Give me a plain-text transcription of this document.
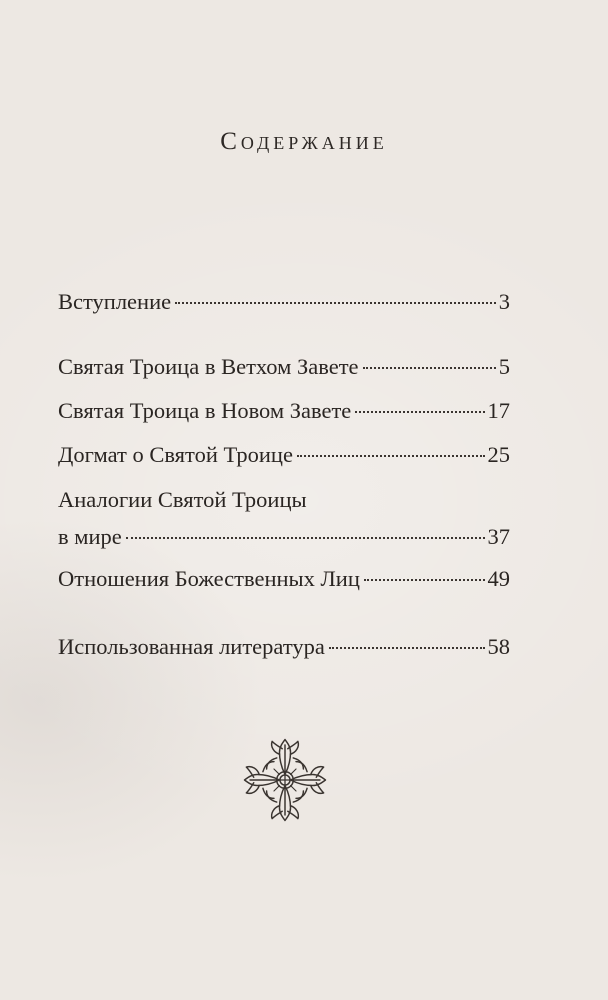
Содержание
Вступление	3
Святая Троица в Ветхом Завете	5
Святая Троица в Новом Завете	17
Догмат о Святой Троице	25
Аналогии Святой Троицы
в мире	37
Отношения Божественных Лиц	49
Использованная литература	58
